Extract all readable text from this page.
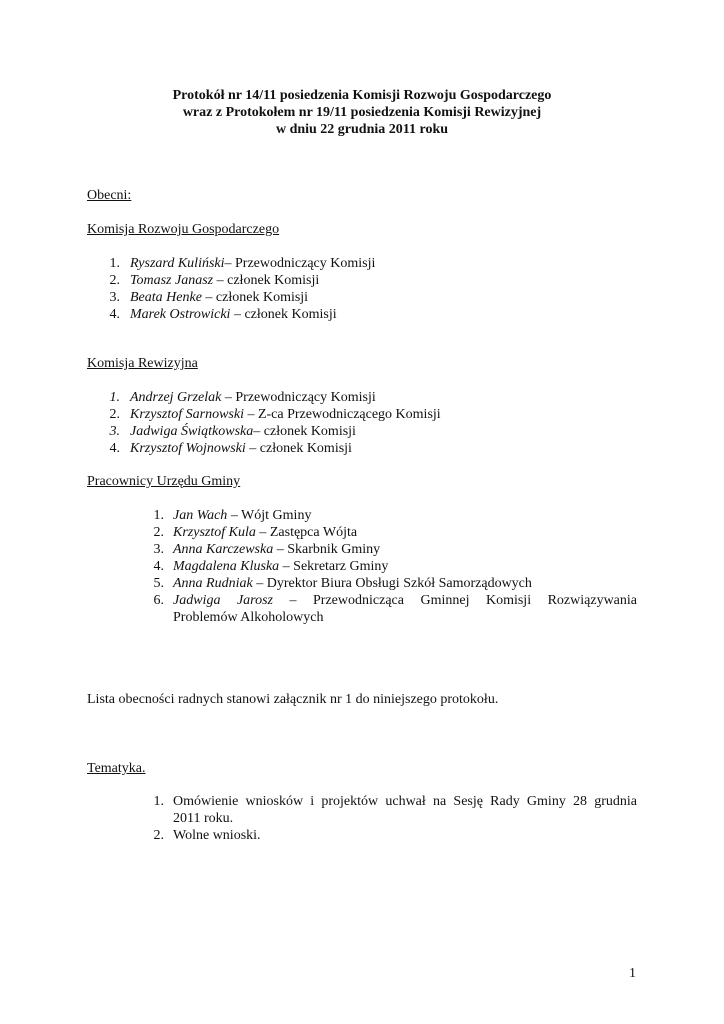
Protokół nr 14/11 posiedzenia Komisji Rozwoju Gospodarczego
wraz z Protokołem nr 19/11 posiedzenia Komisji Rewizyjnej
w dniu 22 grudnia 2011 roku
Obecni:
Komisja Rozwoju Gospodarczego
1. Ryszard Kuliński– Przewodniczący Komisji
2. Tomasz Janasz – członek Komisji
3. Beata Henke – członek Komisji
4. Marek Ostrowicki – członek Komisji
Komisja Rewizyjna
1. Andrzej Grzelak – Przewodniczący Komisji
2. Krzysztof Sarnowski – Z-ca Przewodniczącego Komisji
3. Jadwiga Świątkowska– członek Komisji
4. Krzysztof Wojnowski – członek Komisji
Pracownicy Urzędu Gminy
1. Jan Wach – Wójt Gminy
2. Krzysztof Kula – Zastępca Wójta
3. Anna Karczewska – Skarbnik Gminy
4. Magdalena Kluska – Sekretarz Gminy
5. Anna Rudniak – Dyrektor Biura Obsługi Szkół Samorządowych
6. Jadwiga Jarosz – Przewodnicząca Gminnej Komisji Rozwiązywania
Problemów Alkoholowych
Lista obecności radnych stanowi załącznik nr 1 do niniejszego protokołu.
Tematyka.
1. Omówienie wniosków i projektów uchwał na Sesję Rady Gminy 28 grudnia
2011 roku.
2. Wolne wnioski.
1
